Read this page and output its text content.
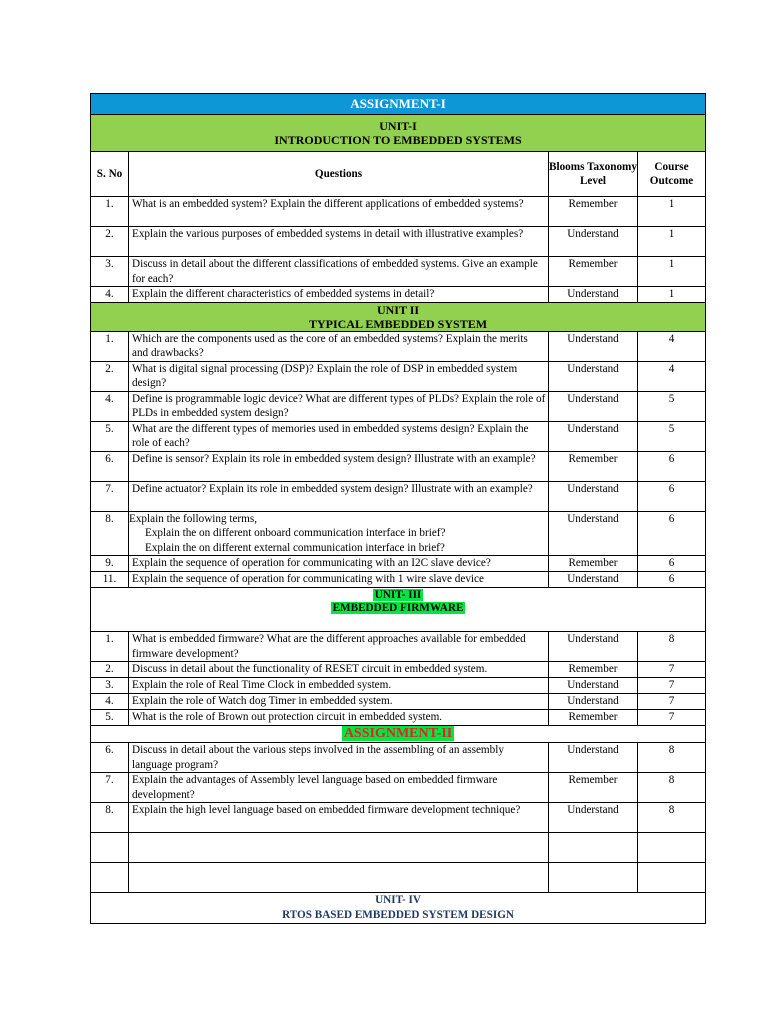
ASSIGNMENT-I			

UNIT-I
INTRODUCTION TO EMBEDDED SYSTEMS			

S. No	Questions	Blooms Taxonomy Level	Course Outcome
1.	What is an embedded system? Explain the different applications of embedded systems?	Remember	1
2.	Explain the various purposes of embedded systems in detail with illustrative examples?	Understand	1
3.	Discuss in detail about the different classifications of embedded systems. Give an example for each?	Remember	1
4.	Explain the different characteristics of embedded systems in detail?	Understand	1

UNIT II
TYPICAL EMBEDDED SYSTEM			

1.	Which are the components used as the core of an embedded systems? Explain the merits and drawbacks?	Understand	4
2.	What is digital signal processing (DSP)? Explain the role of DSP in embedded system design?	Understand	4
4.	Define is programmable logic device? What are different types of PLDs? Explain the role of PLDs in embedded system design?	Understand	5
5.	What are the different types of memories used in embedded systems design? Explain the role of each?	Understand	5
6.	Define is sensor? Explain its role in embedded system design? Illustrate with an example?	Remember	6
7.	Define actuator? Explain its role in embedded system design? Illustrate with an example?	Understand	6
8.	Explain the following terms,
Explain the on different onboard communication interface in brief?
Explain the on different external communication interface in brief?	Understand	6
9.	Explain the sequence of operation for communicating with an I2C slave device?	Remember	6
11.	Explain the sequence of operation for communicating with 1 wire slave device	Understand	6

UNIT- III
EMBEDDED FIRMWARE			

1.	What is embedded firmware? What are the different approaches available for embedded firmware development?	Understand	8
2.	Discuss in detail about the functionality of RESET circuit in embedded system.	Remember	7
3.	Explain the role of Real Time Clock in embedded system.	Understand	7
4.	Explain the role of Watch dog Timer in embedded system.	Understand	7
5.	What is the role of Brown out protection circuit in embedded system.	Remember	7
ASSIGNMENT-II			
6.	Discuss in detail about the various steps involved in the assembling of an assembly language program?	Understand	8
7.	Explain the advantages of Assembly level language based on embedded firmware development?	Remember	8
8.	Explain the high level language based on embedded firmware development technique?	Understand	8

UNIT- IV
RTOS BASED EMBEDDED SYSTEM DESIGN			
